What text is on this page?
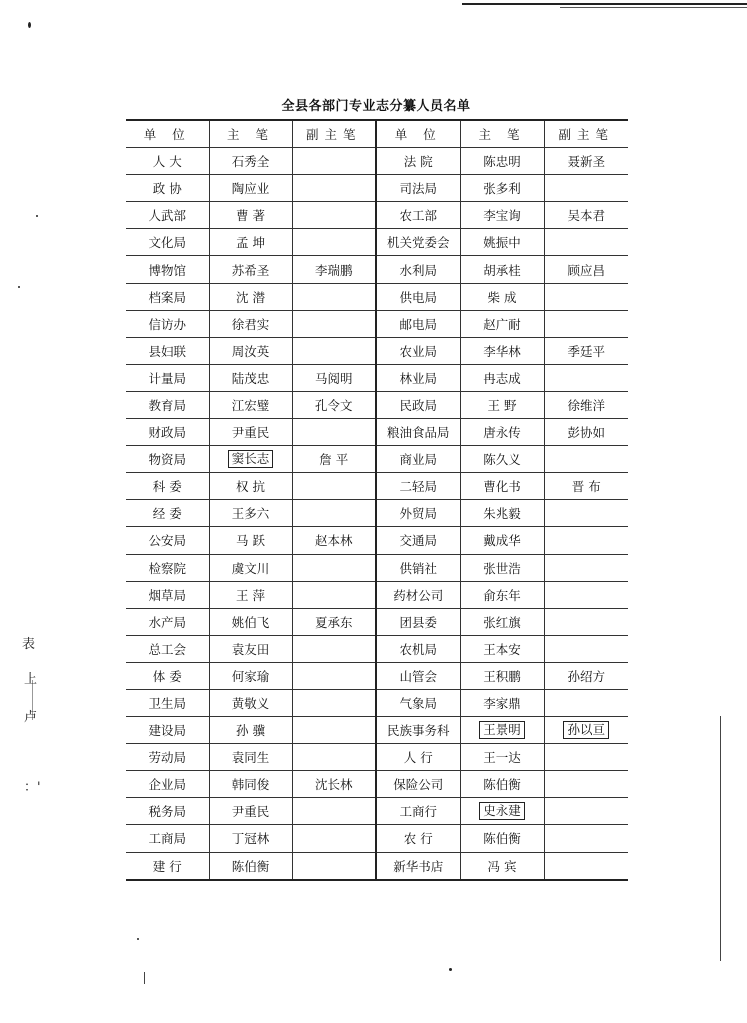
表
上
卢
：'
全县各部门专业志分纂人员名单
单 位	主 笔	副主笔	单 位	主 笔	副主笔
人 大	石秀全		法 院	陈忠明	聂新圣
政 协	陶应业		司法局	张多利	
人武部	曹 著		农工部	李宝询	吴本君
文化局	孟 坤		机关党委会	姚振中	
博物馆	苏希圣	李瑞鹏	水利局	胡承桂	顾应昌
档案局	沈 潜		供电局	柴 成	
信访办	徐君实		邮电局	赵广耐	
县妇联	周汝英		农业局	李华林	季廷平
计量局	陆茂忠	马阅明	林业局	冉志成	
教育局	江宏璧	孔令文	民政局	王 野	徐维洋
财政局	尹重民		粮油食品局	唐永传	彭协如
物资局	窦长志	詹 平	商业局	陈久义	
科 委	权 抗		二轻局	曹化书	晋 布
经 委	王多六		外贸局	朱兆毅	
公安局	马 跃	赵本林	交通局	戴成华	
检察院	虞文川		供销社	张世浩	
烟草局	王 萍		药材公司	俞东年	
水产局	姚伯飞	夏承东	团县委	张红旗	
总工会	袁友田		农机局	王本安	
体 委	何家瑜		山管会	王积鹏	孙绍方
卫生局	黄敬义		气象局	李家鼎	
建设局	孙 骥		民族事务科	王景明	孙以亘
劳动局	袁同生		人 行	王一达	
企业局	韩同俊	沈长林	保险公司	陈伯衡	
税务局	尹重民		工商行	史永建	
工商局	丁冠林		农 行	陈伯衡	
建 行	陈伯衡		新华书店	冯 宾	
